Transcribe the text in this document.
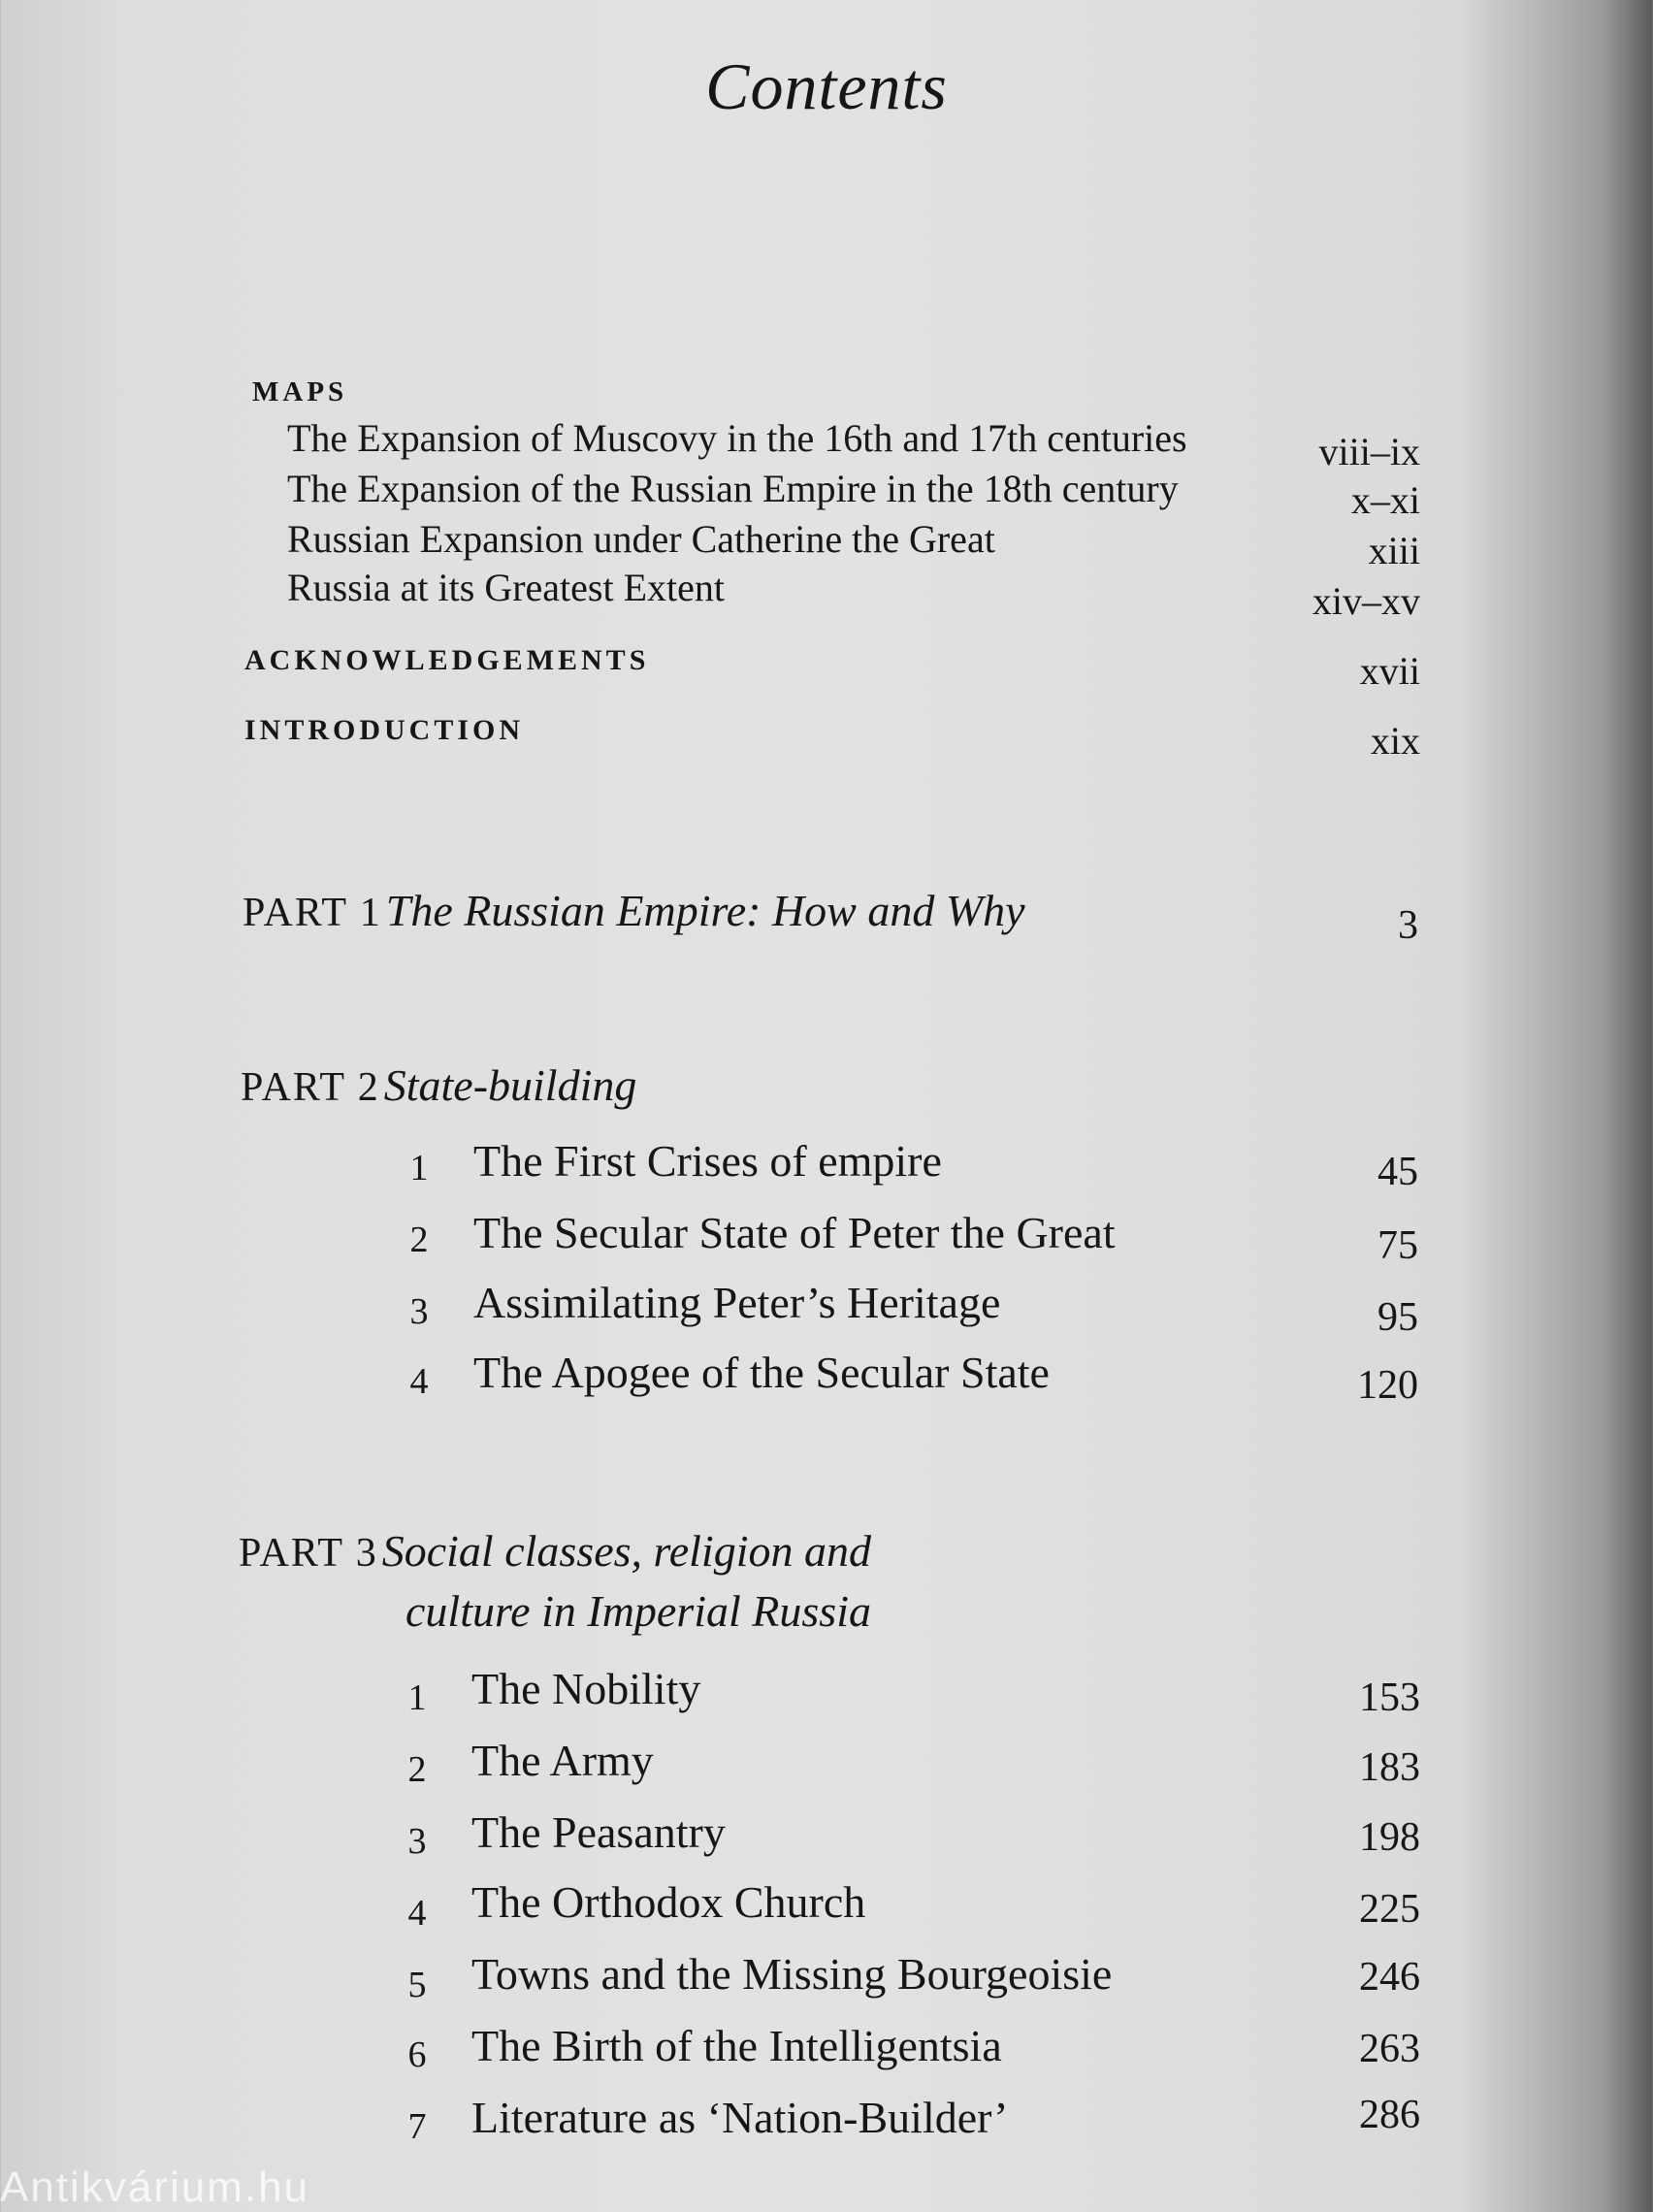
Contents
MAPS
The Expansion of Muscovy in the 16th and 17th centuries	viii–ix
The Expansion of the Russian Empire in the 18th century	x–xi
Russian Expansion under Catherine the Great	xiii
Russia at its Greatest Extent	xiv–xv
ACKNOWLEDGEMENTS	xvii
INTRODUCTION	xix
PART 1 The Russian Empire: How and Why	3
PART 2 State-building
1 The First Crises of empire	45
2 The Secular State of Peter the Great	75
3 Assimilating Peter’s Heritage	95
4 The Apogee of the Secular State	120
PART 3 Social classes, religion and
culture in Imperial Russia
1 The Nobility	153
2 The Army	183
3 The Peasantry	198
4 The Orthodox Church	225
5 Towns and the Missing Bourgeoisie	246
6 The Birth of the Intelligentsia	263
7 Literature as ‘Nation-Builder’	286
Antikvárium.hu
